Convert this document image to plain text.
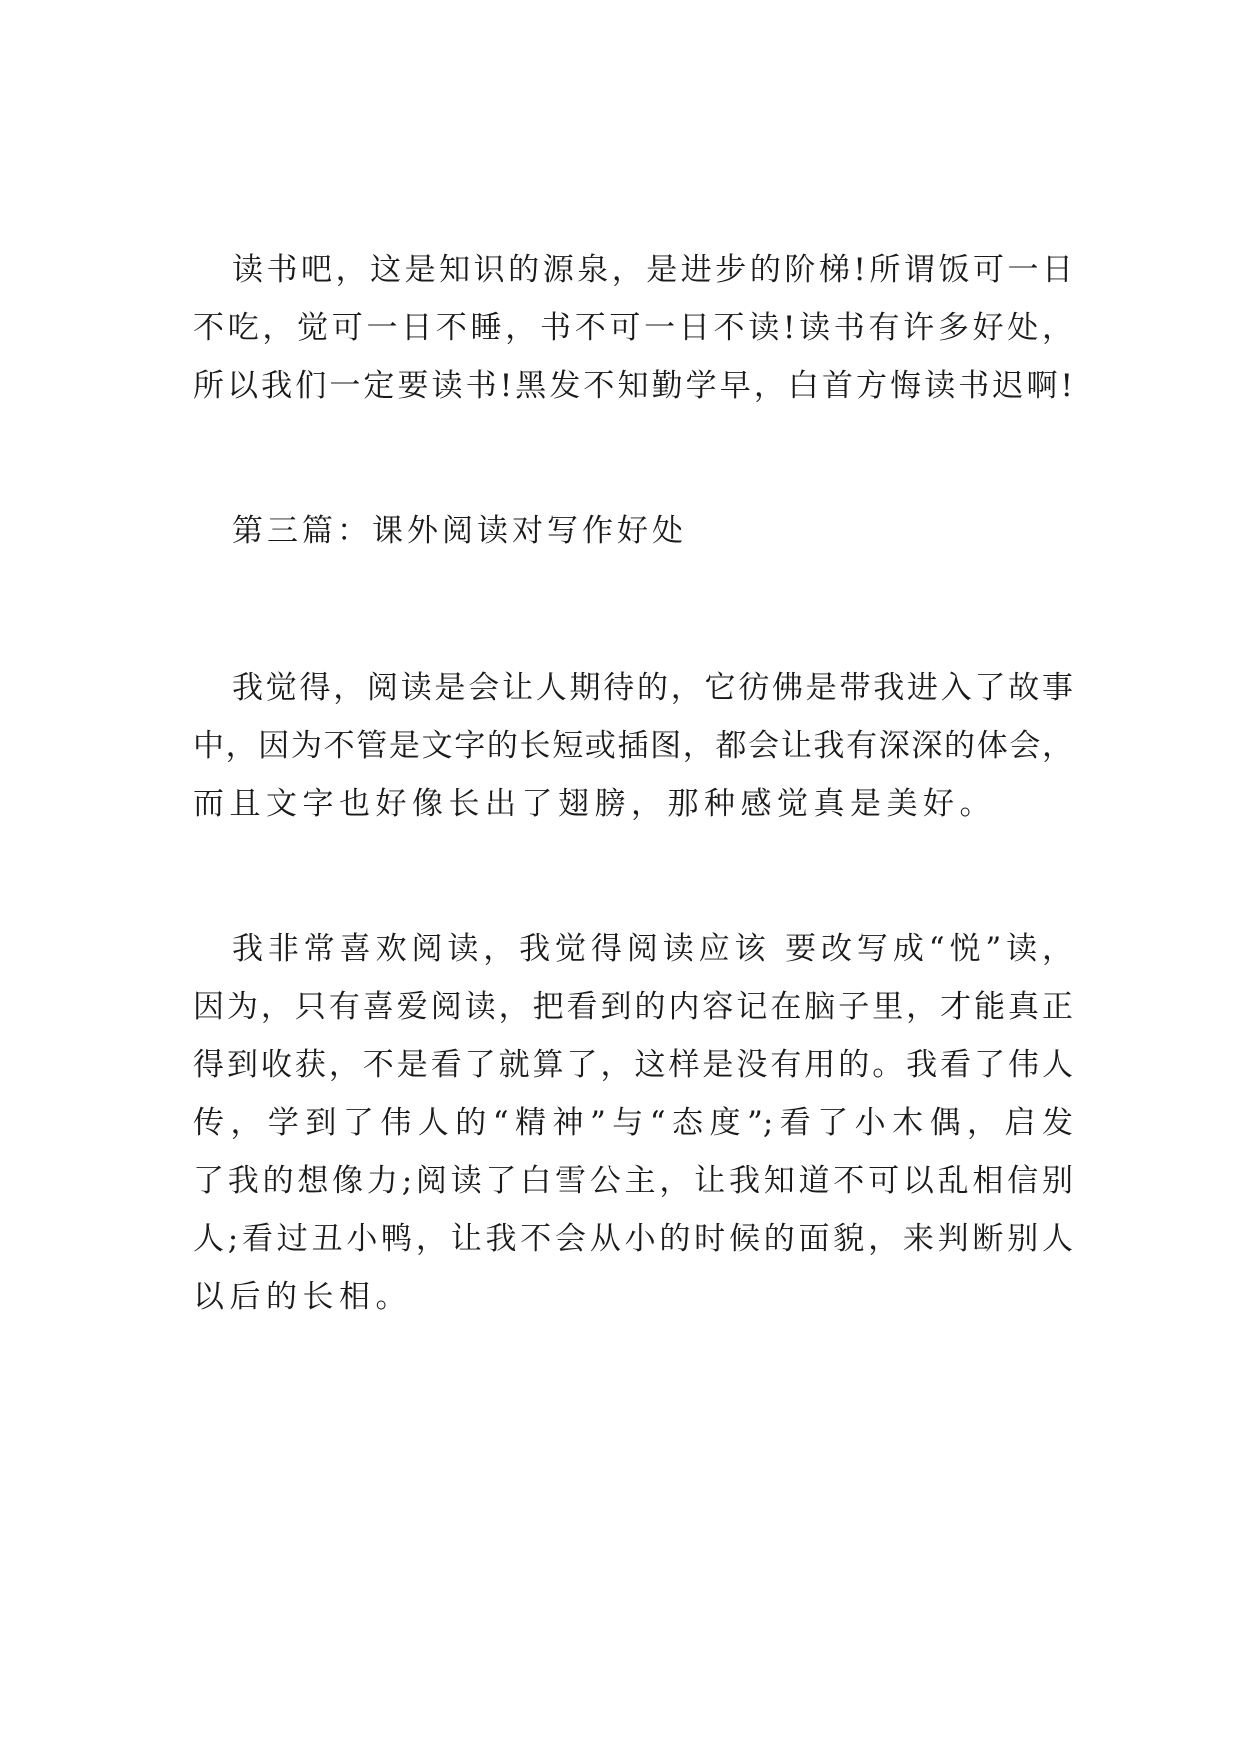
读书吧，这是知识的源泉，是进步的阶梯!所谓饭可一日
不吃，觉可一日不睡，书不可一日不读!读书有许多好处，
所以我们一定要读书!黑发不知勤学早，白首方悔读书迟啊!
第三篇：课外阅读对写作好处
我觉得，阅读是会让人期待的，它彷佛是带我进入了故事
中，因为不管是文字的长短或插图，都会让我有深深的体会，
而且文字也好像长出了翅膀，那种感觉真是美好。
我非常喜欢阅读，我觉得阅读应该 要改写成“悦”读，
因为，只有喜爱阅读，把看到的内容记在脑子里，才能真正
得到收获，不是看了就算了，这样是没有用的。我看了伟人
传，学到了伟人的“精神”与“态度”;看了小木偶，启发
了我的想像力;阅读了白雪公主，让我知道不可以乱相信别
人;看过丑小鸭，让我不会从小的时候的面貌，来判断别人
以后的长相。
